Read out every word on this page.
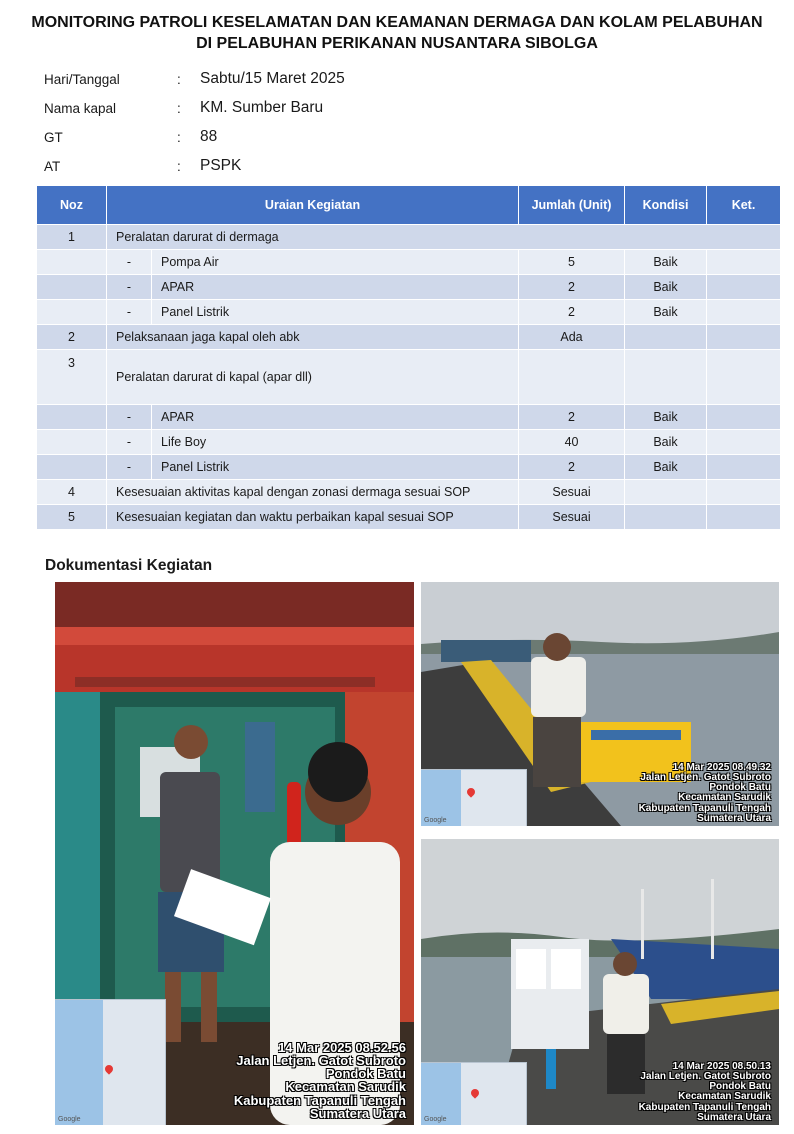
MONITORING PATROLI KESELAMATAN DAN KEAMANAN DERMAGA DAN KOLAM PELABUHAN
DI PELABUHAN PERIKANAN NUSANTARA SIBOLGA
Hari/Tanggal	: Sabtu/15 Maret 2025
Nama kapal	: KM. Sumber Baru
GT	: 88
AT	: PSPK
Noz	Uraian Kegiatan		Jumlah (Unit)	Kondisi	Ket.
1	Peralatan darurat di dermaga				
	-	Pompa Air	5	Baik	
	-	APAR	2	Baik	
	-	Panel Listrik	2	Baik	
2	Pelaksanaan jaga kapal oleh abk		Ada		
3	Peralatan darurat di kapal (apar dll)				
	-	APAR	2	Baik	
	-	Life Boy	40	Baik	
	-	Panel Listrik	2	Baik	
4	Kesesuaian aktivitas kapal dengan zonasi dermaga sesuai SOP		Sesuai		
5	Kesesuaian kegiatan dan waktu perbaikan kapal sesuai SOP		Sesuai		
Dokumentasi Kegiatan
Google
14 Mar 2025 08.52.56
Jalan Letjen. Gatot Subroto
Pondok Batu
Kecamatan Sarudik
Kabupaten Tapanuli Tengah
Sumatera Utara
Google
14 Mar 2025 08.49.32
Jalan Letjen. Gatot Subroto
Pondok Batu
Kecamatan Sarudik
Kabupaten Tapanuli Tengah
Sumatera Utara
Google
14 Mar 2025 08.50.13
Jalan Letjen. Gatot Subroto
Pondok Batu
Kecamatan Sarudik
Kabupaten Tapanuli Tengah
Sumatera Utara
